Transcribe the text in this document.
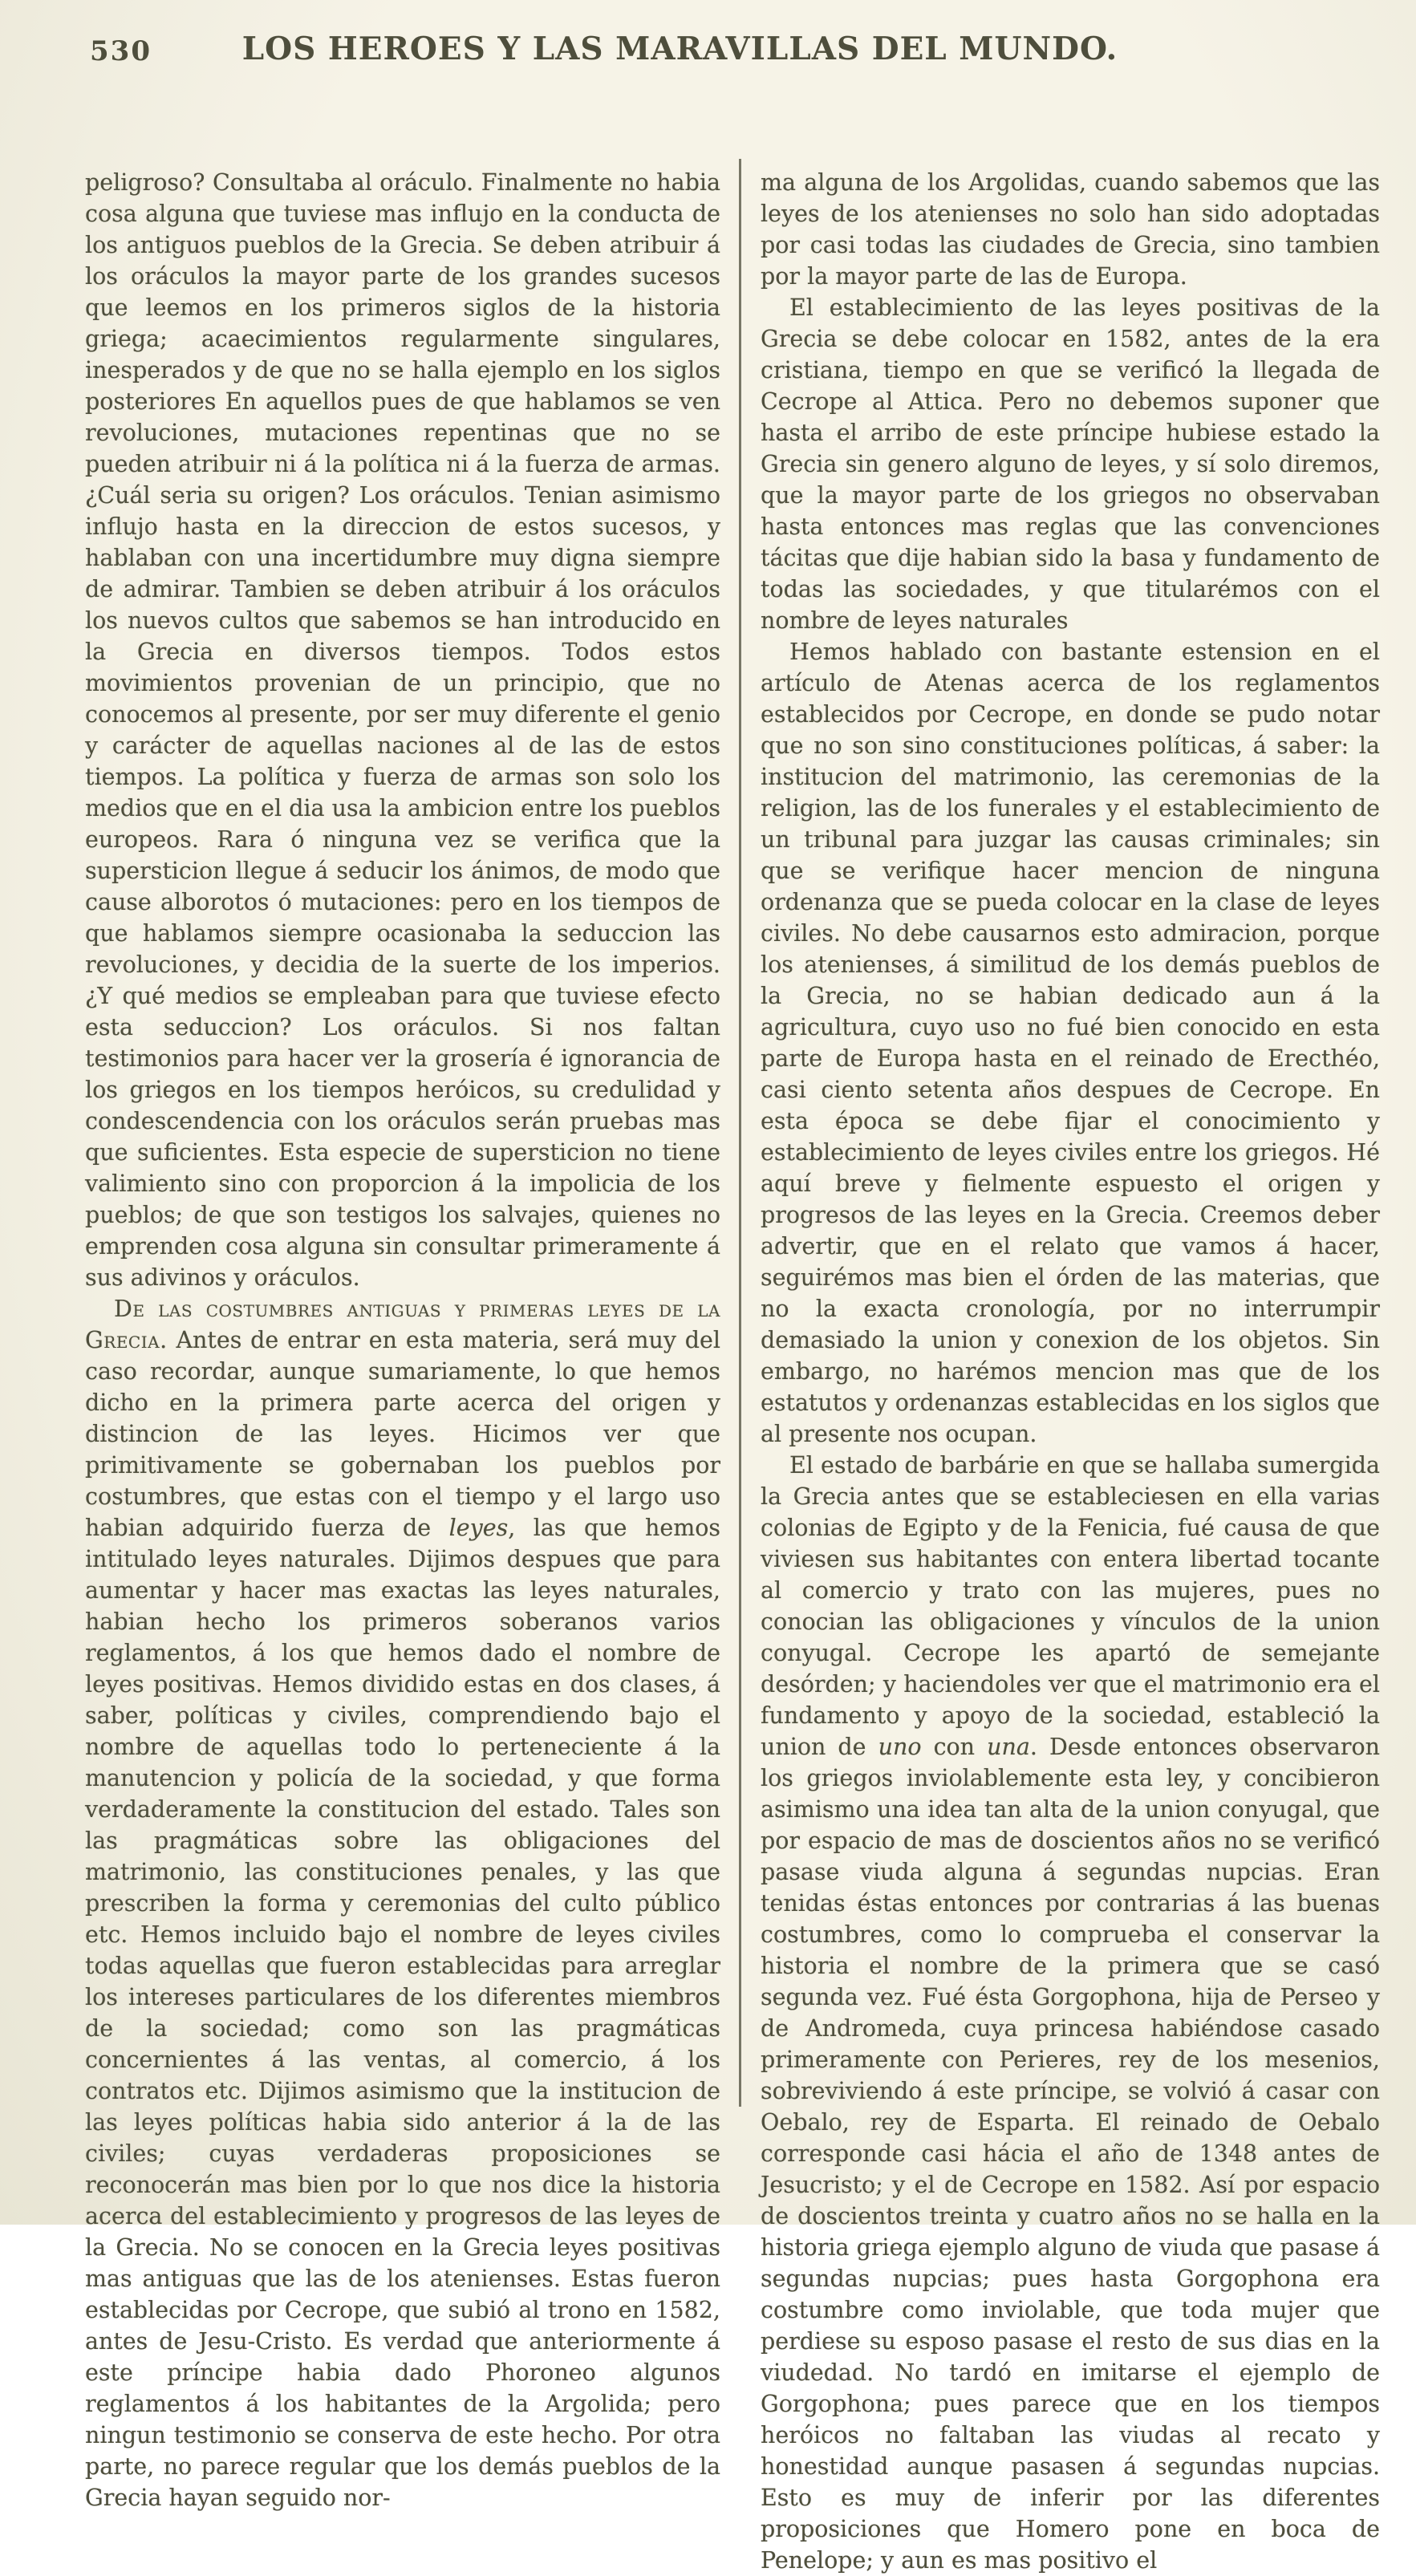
530	LOS HEROES Y LAS MARAVILLAS DEL MUNDO.

peligroso? Consultaba al oráculo. Finalmente no habia cosa alguna que tuviese mas influjo en la conducta de los antiguos pueblos de la Grecia. Se deben atribuir á los oráculos la mayor parte de los grandes sucesos que leemos en los primeros siglos de la historia griega; acaecimientos regularmente singulares, inesperados y de que no se halla ejemplo en los siglos posteriores En aquellos pues de que hablamos se ven revoluciones, mutaciones repentinas que no se pueden atribuir ni á la política ni á la fuerza de armas. ¿Cuál seria su origen? Los oráculos. Tenian asimismo influjo hasta en la direccion de estos sucesos, y hablaban con una incertidumbre muy digna siempre de admirar. Tambien se deben atribuir á los oráculos los nuevos cultos que sabemos se han introducido en la Grecia en diversos tiempos. Todos estos movimientos provenian de un principio, que no conocemos al presente, por ser muy diferente el genio y carácter de aquellas naciones al de las de estos tiempos. La política y fuerza de armas son solo los medios que en el dia usa la ambicion entre los pueblos europeos. Rara ó ninguna vez se verifica que la supersticion llegue á seducir los ánimos, de modo que cause alborotos ó mutaciones: pero en los tiempos de que hablamos siempre ocasionaba la seduccion las revoluciones, y decidia de la suerte de los imperios. ¿Y qué medios se empleaban para que tuviese efecto esta seduccion? Los oráculos. Si nos faltan testimonios para hacer ver la grosería é ignorancia de los griegos en los tiempos heróicos, su credulidad y condescendencia con los oráculos serán pruebas mas que suficientes. Esta especie de supersticion no tiene valimiento sino con proporcion á la impolicia de los pueblos; de que son testigos los salvajes, quienes no emprenden cosa alguna sin consultar primeramente á sus adivinos y oráculos.

De las costumbres antiguas y primeras leyes de la Grecia. Antes de entrar en esta materia, será muy del caso recordar, aunque sumariamente, lo que hemos dicho en la primera parte acerca del origen y distincion de las leyes. Hicimos ver que primitivamente se gobernaban los pueblos por costumbres, que estas con el tiempo y el largo uso habian adquirido fuerza de leyes, las que hemos intitulado leyes naturales. Dijimos despues que para aumentar y hacer mas exactas las leyes naturales, habian hecho los primeros soberanos varios reglamentos, á los que hemos dado el nombre de leyes positivas. Hemos dividido estas en dos clases, á saber, políticas y civiles, comprendiendo bajo el nombre de aquellas todo lo perteneciente á la manutencion y policía de la sociedad, y que forma verdaderamente la constitucion del estado. Tales son las pragmáticas sobre las obligaciones del matrimonio, las constituciones penales, y las que prescriben la forma y ceremonias del culto público etc. Hemos incluido bajo el nombre de leyes civiles todas aquellas que fueron establecidas para arreglar los intereses particulares de los diferentes miembros de la sociedad; como son las pragmáticas concernientes á las ventas, al comercio, á los contratos etc. Dijimos asimismo que la institucion de las leyes políticas habia sido anterior á la de las civiles; cuyas verdaderas proposiciones se reconocerán mas bien por lo que nos dice la historia acerca del establecimiento y progresos de las leyes de la Grecia. No se conocen en la Grecia leyes positivas mas antiguas que las de los atenienses. Estas fueron establecidas por Cecrope, que subió al trono en 1582, antes de Jesu-Cristo. Es verdad que anteriormente á este príncipe habia dado Phoroneo algunos reglamentos á los habitantes de la Argolida; pero ningun testimonio se conserva de este hecho. Por otra parte, no parece regular que los demás pueblos de la Grecia hayan seguido nor-

ma alguna de los Argolidas, cuando sabemos que las leyes de los atenienses no solo han sido adoptadas por casi todas las ciudades de Grecia, sino tambien por la mayor parte de las de Europa.

El establecimiento de las leyes positivas de la Grecia se debe colocar en 1582, antes de la era cristiana, tiempo en que se verificó la llegada de Cecrope al Attica. Pero no debemos suponer que hasta el arribo de este príncipe hubiese estado la Grecia sin genero alguno de leyes, y sí solo diremos, que la mayor parte de los griegos no observaban hasta entonces mas reglas que las convenciones tácitas que dije habian sido la basa y fundamento de todas las sociedades, y que titularémos con el nombre de leyes naturales

Hemos hablado con bastante estension en el artículo de Atenas acerca de los reglamentos establecidos por Cecrope, en donde se pudo notar que no son sino constituciones políticas, á saber: la institucion del matrimonio, las ceremonias de la religion, las de los funerales y el establecimiento de un tribunal para juzgar las causas criminales; sin que se verifique hacer mencion de ninguna ordenanza que se pueda colocar en la clase de leyes civiles. No debe causarnos esto admiracion, porque los atenienses, á similitud de los demás pueblos de la Grecia, no se habian dedicado aun á la agricultura, cuyo uso no fué bien conocido en esta parte de Europa hasta en el reinado de Erecthéo, casi ciento setenta años despues de Cecrope. En esta época se debe fijar el conocimiento y establecimiento de leyes civiles entre los griegos. Hé aquí breve y fielmente espuesto el origen y progresos de las leyes en la Grecia. Creemos deber advertir, que en el relato que vamos á hacer, seguirémos mas bien el órden de las materias, que no la exacta cronología, por no interrumpir demasiado la union y conexion de los objetos. Sin embargo, no harémos mencion mas que de los estatutos y ordenanzas establecidas en los siglos que al presente nos ocupan.

El estado de barbárie en que se hallaba sumergida la Grecia antes que se estableciesen en ella varias colonias de Egipto y de la Fenicia, fué causa de que viviesen sus habitantes con entera libertad tocante al comercio y trato con las mujeres, pues no conocian las obligaciones y vínculos de la union conyugal. Cecrope les apartó de semejante desórden; y haciendoles ver que el matrimonio era el fundamento y apoyo de la sociedad, estableció la union de uno con una. Desde entonces observaron los griegos inviolablemente esta ley, y concibieron asimismo una idea tan alta de la union conyugal, que por espacio de mas de doscientos años no se verificó pasase viuda alguna á segundas nupcias. Eran tenidas éstas entonces por contrarias á las buenas costumbres, como lo comprueba el conservar la historia el nombre de la primera que se casó segunda vez. Fué ésta Gorgophona, hija de Perseo y de Andromeda, cuya princesa habiéndose casado primeramente con Perieres, rey de los mesenios, sobreviviendo á este príncipe, se volvió á casar con Oebalo, rey de Esparta. El reinado de Oebalo corresponde casi hácia el año de 1348 antes de Jesucristo; y el de Cecrope en 1582. Así por espacio de doscientos treinta y cuatro años no se halla en la historia griega ejemplo alguno de viuda que pasase á segundas nupcias; pues hasta Gorgophona era costumbre como inviolable, que toda mujer que perdiese su esposo pasase el resto de sus dias en la viudedad. No tardó en imitarse el ejemplo de Gorgophona; pues parece que en los tiempos heróicos no faltaban las viudas al recato y honestidad aunque pasasen á segundas nupcias. Esto es muy de inferir por las diferentes proposiciones que Homero pone en boca de Penelope; y aun es mas positivo el
